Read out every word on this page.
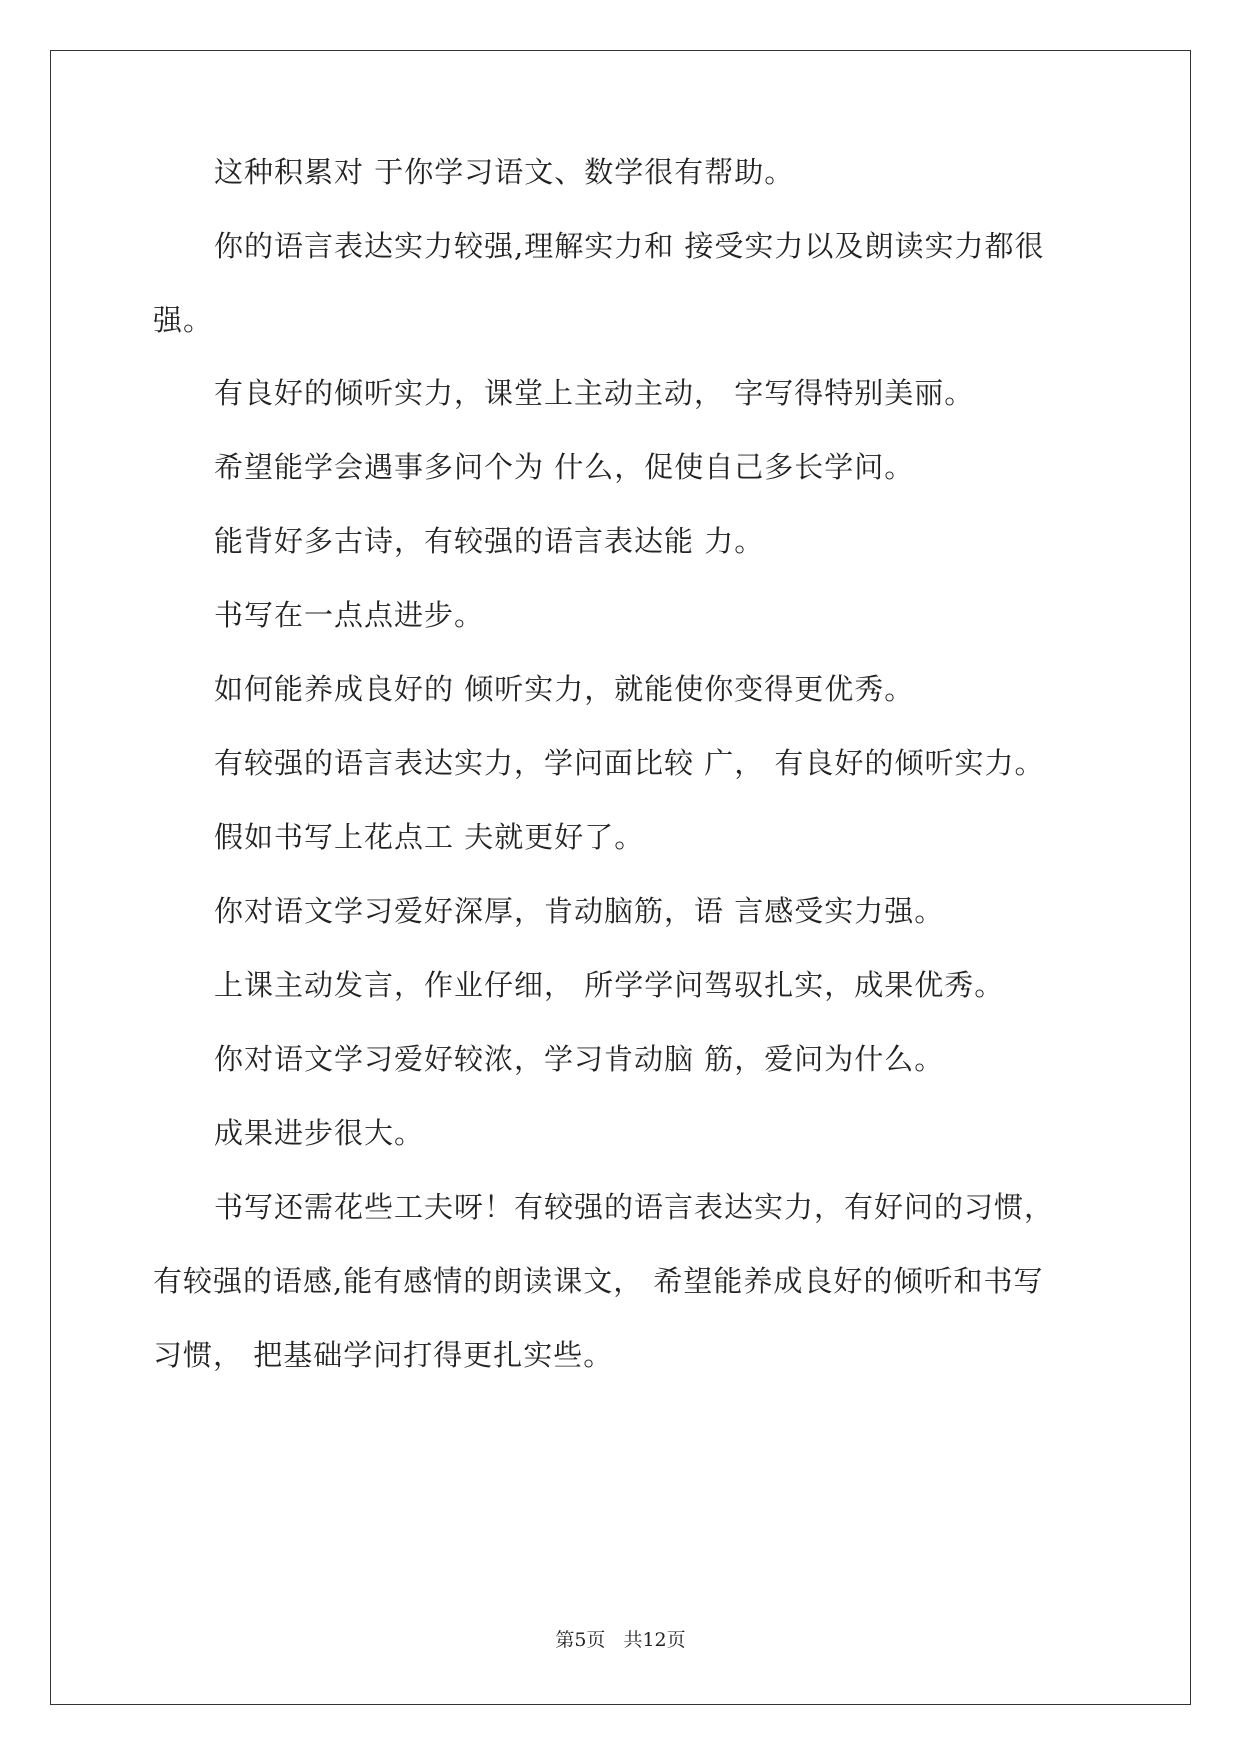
这种积累对 于你学习语文、数学很有帮助。
你的语言表达实力较强,理解实力和 接受实力以及朗读实力都很
强。
有良好的倾听实力，课堂上主动主动， 字写得特别美丽。
希望能学会遇事多问个为 什么，促使自己多长学问。
能背好多古诗，有较强的语言表达能 力。
书写在一点点进步。
如何能养成良好的 倾听实力，就能使你变得更优秀。
有较强的语言表达实力，学问面比较 广， 有良好的倾听实力。
假如书写上花点工 夫就更好了。
你对语文学习爱好深厚，肯动脑筋，语 言感受实力强。
上课主动发言，作业仔细， 所学学问驾驭扎实，成果优秀。
你对语文学习爱好较浓，学习肯动脑 筋，爱问为什么。
成果进步很大。
书写还需花些工夫呀！有较强的语言表达实力，有好问的习惯，
有较强的语感,能有感情的朗读课文， 希望能养成良好的倾听和书写
习惯， 把基础学问打得更扎实些。
第5页 共12页
